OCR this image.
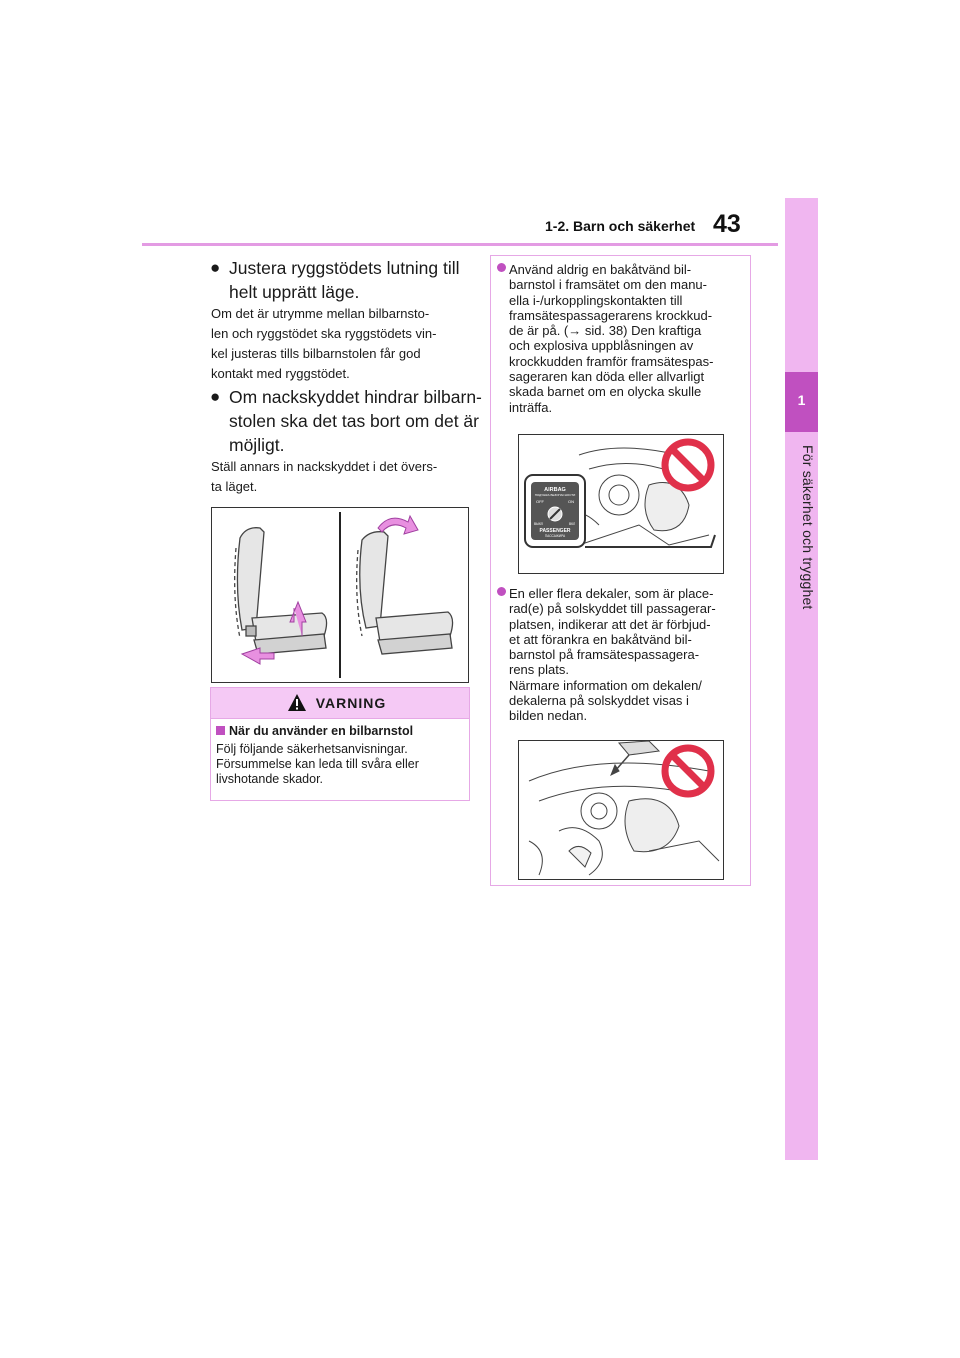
1
För säkerhet och trygghet
1-2. Barn och säkerhet 43
● Justera ryggstödets lutning till
helt upprätt läge.
Om det är utrymme mellan bilbarnsto-
len och ryggstödet ska ryggstödets vin-
kel justeras tills bilbarnstolen får god
kontakt med ryggstödet.
● Om nackskyddet hindrar bilbarn-
stolen ska det tas bort om det är
möjligt.
Ställ annars in nackskyddet i det övers-
ta läget.
VARNING
När du använder en bilbarnstol
Följ följande säkerhetsanvisningar.
Försummelse kan leda till svåra eller
livshotande skador.
Använd aldrig en bakåtvänd bil-
barnstol i framsätet om den manu-
ella i-/urkopplingskontakten till
framsätespassagerarens krockkud-
de är på. (→ sid. 38) Den kraftiga
och explosiva uppblåsningen av
krockkudden framför framsätespas-
sageraren kan döda eller allvarligt
skada barnet om en olycka skulle
inträffa.
AIRBAG
ПОДУШКА БЕЗОПАСНОСТИ
OFF	ON
ВЫКЛ	ВКЛ
PASSENGER
ПАССАЖИРА
En eller flera dekaler, som är place-
rad(e) på solskyddet till passagerar-
platsen, indikerar att det är förbjud-
et att förankra en bakåtvänd bil-
barnstol på framsätespassagera-
rens plats.
Närmare information om dekalen/
dekalerna på solskyddet visas i
bilden nedan.
